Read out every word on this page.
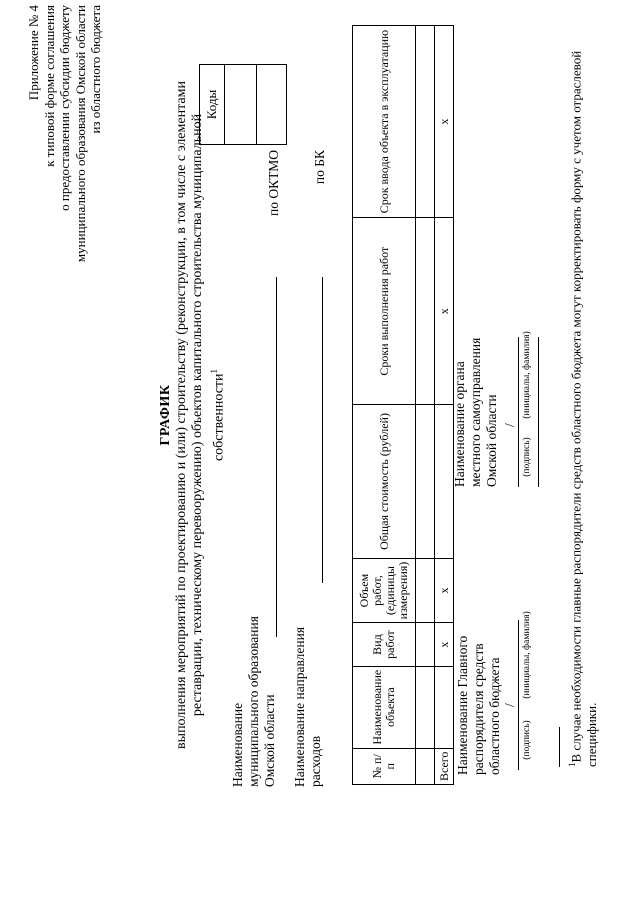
Приложение № 4 к типовой форме соглашения о предоставлении субсидии бюджету муниципального образования Омской области из областного бюджета
ГРАФИК выполнения мероприятий по проектированию и (или) строительству (реконструкции, в том числе с элементами реставрации, техническому перевооружению) объектов капитального строительства муниципальной собственности$^1$
Коды
Наименование муниципального образования Омской области
по ОКТМО
Наименование направления расходов
по БК
№ п/п	Наименование объекта	Вид работ	Объем работ, (единицы измерения)	Общая стоимость (рублей)	Сроки выполнения работ	Срок ввода объекта в эксплуатацию

Всего		х	х		х	х
Наименование Главного распорядителя средств областного бюджета /
(подпись)
(инициалы, фамилия)
Наименование органа местного самоуправления Омской области /
(подпись)
(инициалы, фамилия)
$^1$В случае необходимости главные распорядители средств областного бюджета могут корректировать форму с учетом отраслевой специфики.
